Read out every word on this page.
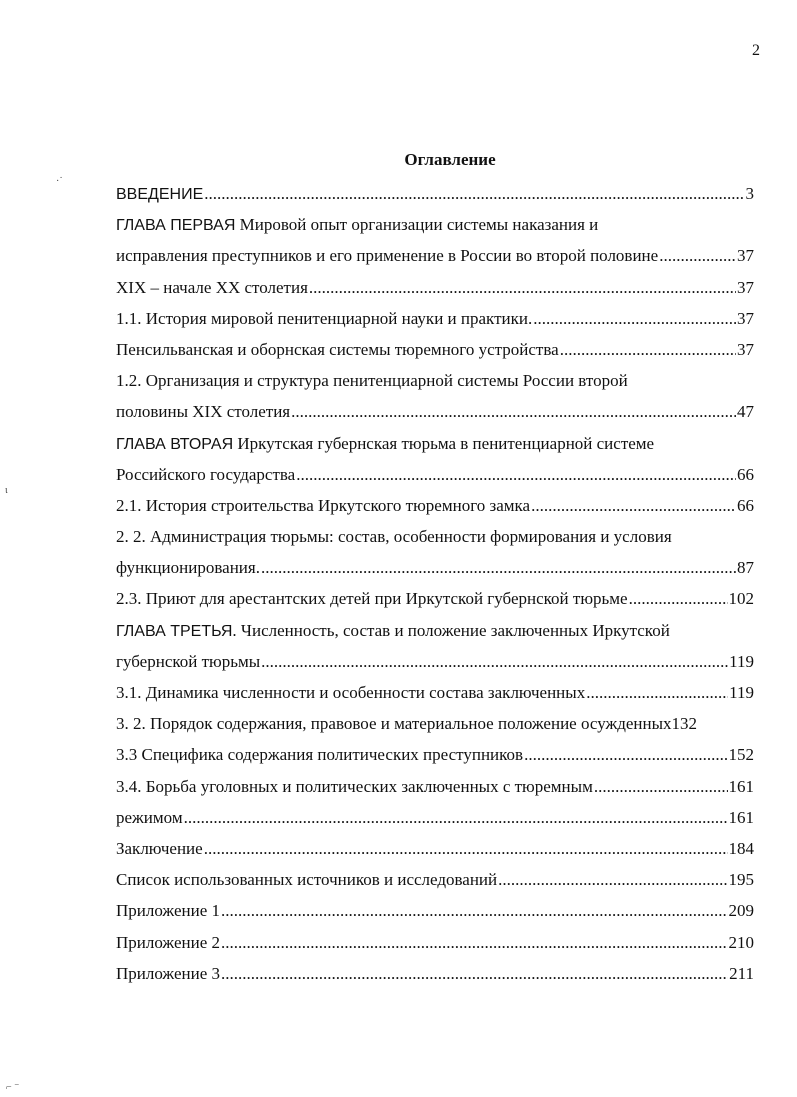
2
Оглавление
·˙
ɩ
⌐ ⁻
ВВЕДЕНИЕ .....	3
ГЛАВА ПЕРВАЯ Мировой опыт организации системы наказания и
исправления преступников и его применение в России во второй половине .....	37
XIX – начале XX столетия .....	37
1.1. История мировой пенитенциарной науки и практики. .....	37
Пенсильванская и оборнская системы тюремного устройства .....	37
1.2. Организация и структура пенитенциарной системы России второй
половины XIX столетия .....	47
ГЛАВА ВТОРАЯ Иркутская губернская тюрьма в пенитенциарной системе
Российского государства .....	66
2.1. История строительства Иркутского тюремного замка .....	66
2. 2. Администрация тюрьмы: состав, особенности формирования и условия
функционирования. .....	87
2.3. Приют для арестантских детей при Иркутской губернской тюрьме .....	102
ГЛАВА ТРЕТЬЯ. Численность, состав и положение заключенных Иркутской
губернской тюрьмы .....	119
3.1. Динамика численности и особенности состава заключенных .....	119
3. 2. Порядок содержания, правовое и материальное положение осужденных 132
3.3 Специфика содержания политических преступников .....	152
3.4. Борьба уголовных и политических заключенных с тюремным .....	161
режимом .....	161
Заключение .....	184
Список использованных источников и исследований .....	195
Приложение 1 .....	209
Приложение 2 .....	210
Приложение 3 .....	211
